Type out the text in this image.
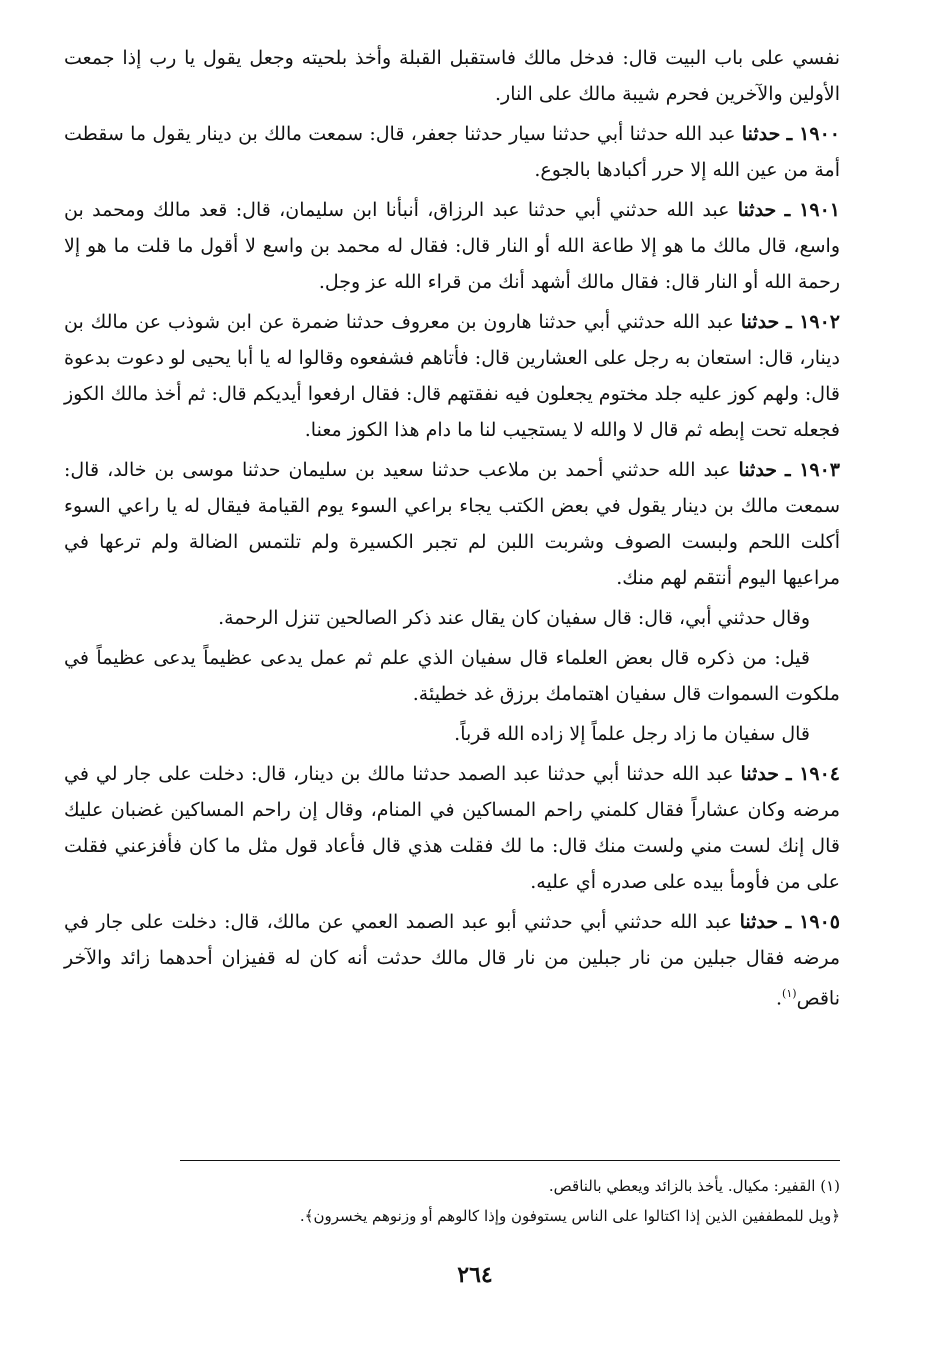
نفسي على باب البيت قال: فدخل مالك فاستقبل القبلة وأخذ بلحيته وجعل يقول يا رب إذا جمعت الأولين والآخرين فحرم شيبة مالك على النار.

١٩٠٠ ـ حدثنا عبد الله حدثنا أبي حدثنا سيار حدثنا جعفر، قال: سمعت مالك بن دينار يقول ما سقطت أمة من عين الله إلا حرر أكبادها بالجوع.

١٩٠١ ـ حدثنا عبد الله حدثني أبي حدثنا عبد الرزاق، أنبأنا ابن سليمان، قال: قعد مالك ومحمد بن واسع، قال مالك ما هو إلا طاعة الله أو النار قال: فقال له محمد بن واسع لا أقول ما قلت ما هو إلا رحمة الله أو النار قال: فقال مالك أشهد أنك من قراء الله عز وجل.

١٩٠٢ ـ حدثنا عبد الله حدثني أبي حدثنا هارون بن معروف حدثنا ضمرة عن ابن شوذب عن مالك بن دينار، قال: استعان به رجل على العشارين قال: فأتاهم فشفعوه وقالوا له يا أبا يحيى لو دعوت بدعوة قال: ولهم كوز عليه جلد مختوم يجعلون فيه نفقتهم قال: فقال ارفعوا أيديكم قال: ثم أخذ مالك الكوز فجعله تحت إبطه ثم قال لا والله لا يستجيب لنا ما دام هذا الكوز معنا.

١٩٠٣ ـ حدثنا عبد الله حدثني أحمد بن ملاعب حدثنا سعيد بن سليمان حدثنا موسى بن خالد، قال: سمعت مالك بن دينار يقول في بعض الكتب يجاء براعي السوء يوم القيامة فيقال له يا راعي السوء أكلت اللحم ولبست الصوف وشربت اللبن لم تجبر الكسيرة ولم تلتمس الضالة ولم ترعها في مراعيها اليوم أنتقم لهم منك.

وقال حدثني أبي، قال: قال سفيان كان يقال عند ذكر الصالحين تنزل الرحمة.

قيل: من ذكره قال بعض العلماء قال سفيان الذي علم ثم عمل يدعى عظيماً يدعى عظيماً في ملكوت السموات قال سفيان اهتمامك برزق غد خطيئة.

قال سفيان ما زاد رجل علماً إلا زاده الله قرباً.

١٩٠٤ ـ حدثنا عبد الله حدثنا أبي حدثنا عبد الصمد حدثنا مالك بن دينار، قال: دخلت على جار لي في مرضه وكان عشاراً فقال كلمني راحم المساكين في المنام، وقال إن راحم المساكين غضبان عليك قال إنك لست مني ولست منك قال: ما لك فقلت هذي قال فأعاد قول مثل ما كان فأفزعني فقلت على من فأومأ بيده على صدره أي عليه.

١٩٠٥ ـ حدثنا عبد الله حدثني أبي حدثني أبو عبد الصمد العمي عن مالك، قال: دخلت على جار في مرضه فقال جبلين من نار جبلين من نار قال مالك حدثت أنه كان له قفيزان أحدهما زائد والآخر ناقص$^{(١)}$.

(١) القفير: مكيال. يأخذ بالزائد ويعطي بالناقص.

﴿ويل للمطففين الذين إذا اكتالوا على الناس يستوفون وإذا كالوهم أو وزنوهم يخسرون﴾.

٢٦٤
